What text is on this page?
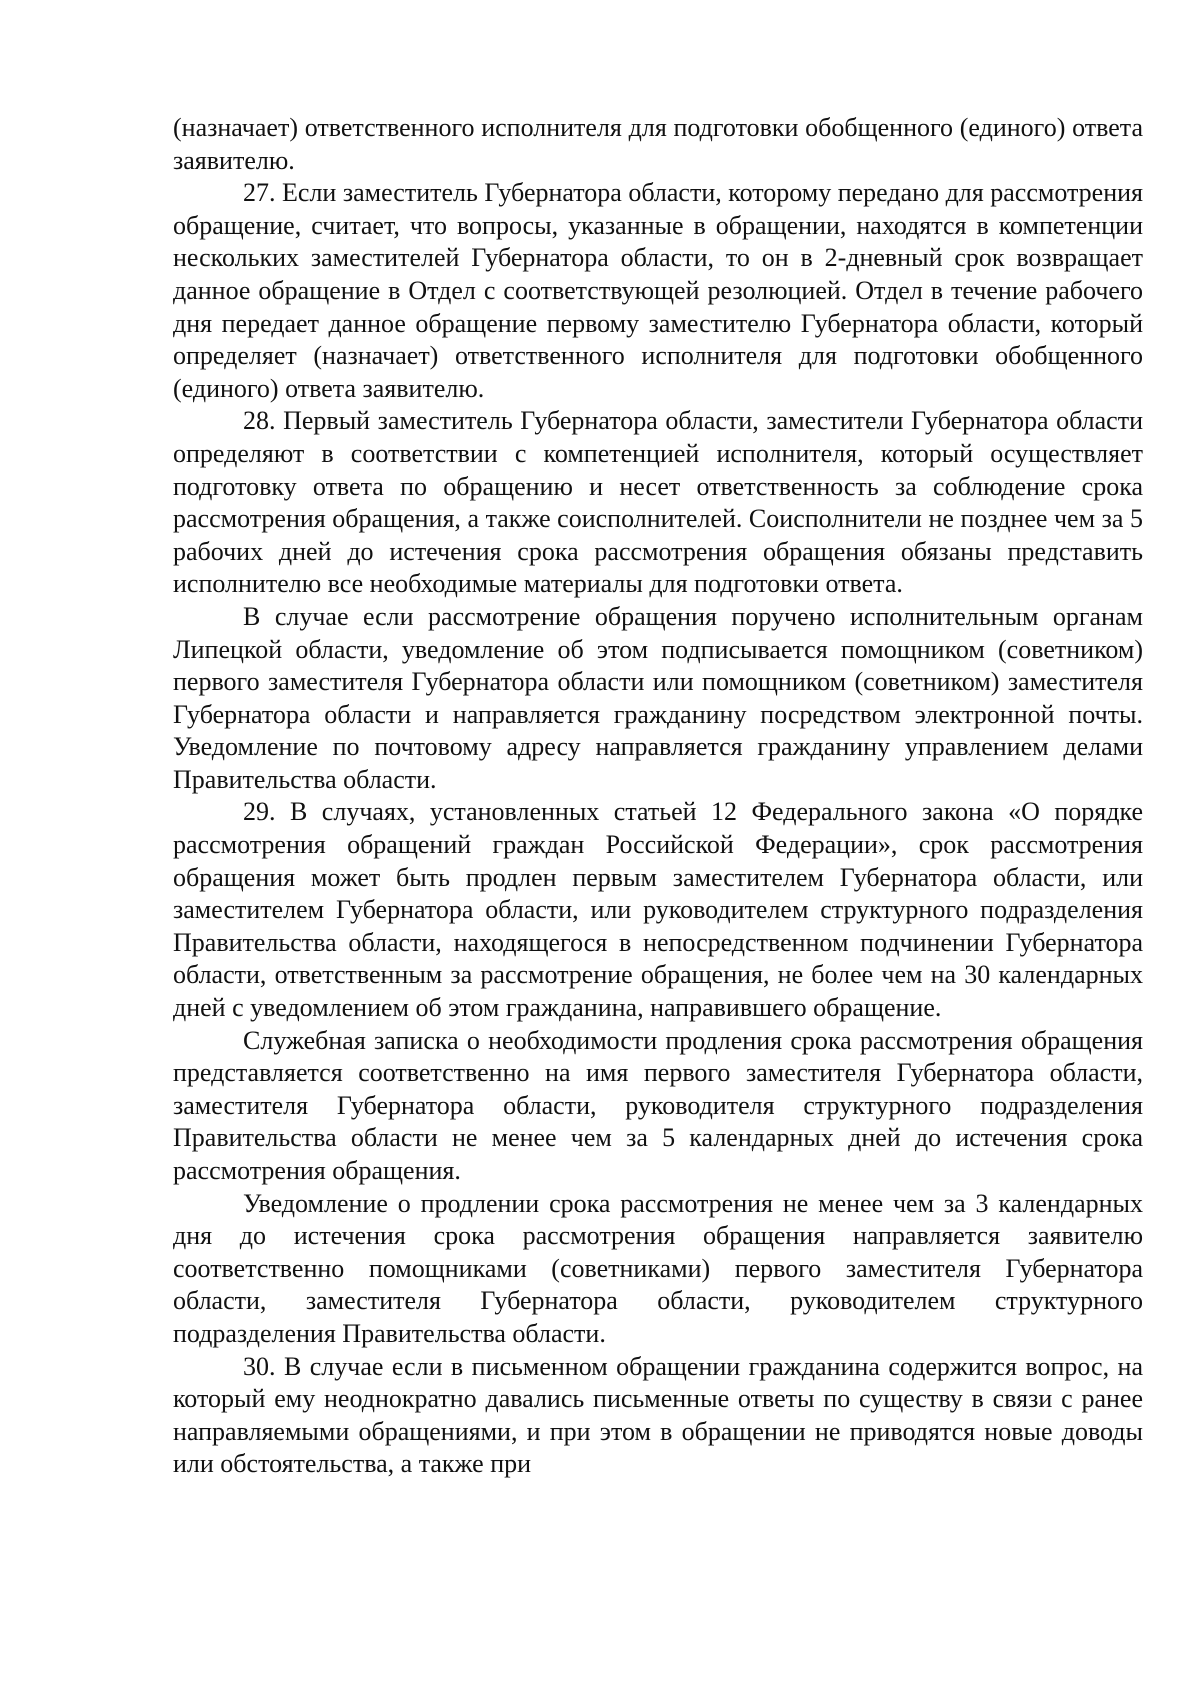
(назначает) ответственного исполнителя для подготовки обобщенного (единого) ответа заявителю.

27. Если заместитель Губернатора области, которому передано для рассмотрения обращение, считает, что вопросы, указанные в обращении, находятся в компетенции нескольких заместителей Губернатора области, то он в 2-дневный срок возвращает данное обращение в Отдел с соответствующей резолюцией. Отдел в течение рабочего дня передает данное обращение первому заместителю Губернатора области, который определяет (назначает) ответственного исполнителя для подготовки обобщенного (единого) ответа заявителю.

28. Первый заместитель Губернатора области, заместители Губернатора области определяют в соответствии с компетенцией исполнителя, который осуществляет подготовку ответа по обращению и несет ответственность за соблюдение срока рассмотрения обращения, а также соисполнителей. Соисполнители не позднее чем за 5 рабочих дней до истечения срока рассмотрения обращения обязаны представить исполнителю все необходимые материалы для подготовки ответа.

В случае если рассмотрение обращения поручено исполнительным органам Липецкой области, уведомление об этом подписывается помощником (советником) первого заместителя Губернатора области или помощником (советником) заместителя Губернатора области и направляется гражданину посредством электронной почты. Уведомление по почтовому адресу направляется гражданину управлением делами Правительства области.

29. В случаях, установленных статьей 12 Федерального закона «О порядке рассмотрения обращений граждан Российской Федерации», срок рассмотрения обращения может быть продлен первым заместителем Губернатора области, или заместителем Губернатора области, или руководителем структурного подразделения Правительства области, находящегося в непосредственном подчинении Губернатора области, ответственным за рассмотрение обращения, не более чем на 30 календарных дней с уведомлением об этом гражданина, направившего обращение.

Служебная записка о необходимости продления срока рассмотрения обращения представляется соответственно на имя первого заместителя Губернатора области, заместителя Губернатора области, руководителя структурного подразделения Правительства области не менее чем за 5 календарных дней до истечения срока рассмотрения обращения.

Уведомление о продлении срока рассмотрения не менее чем за 3 календарных дня до истечения срока рассмотрения обращения направляется заявителю соответственно помощниками (советниками) первого заместителя Губернатора области, заместителя Губернатора области, руководителем структурного подразделения Правительства области.

30. В случае если в письменном обращении гражданина содержится вопрос, на который ему неоднократно давались письменные ответы по существу в связи с ранее направляемыми обращениями, и при этом в обращении не приводятся новые доводы или обстоятельства, а также при
